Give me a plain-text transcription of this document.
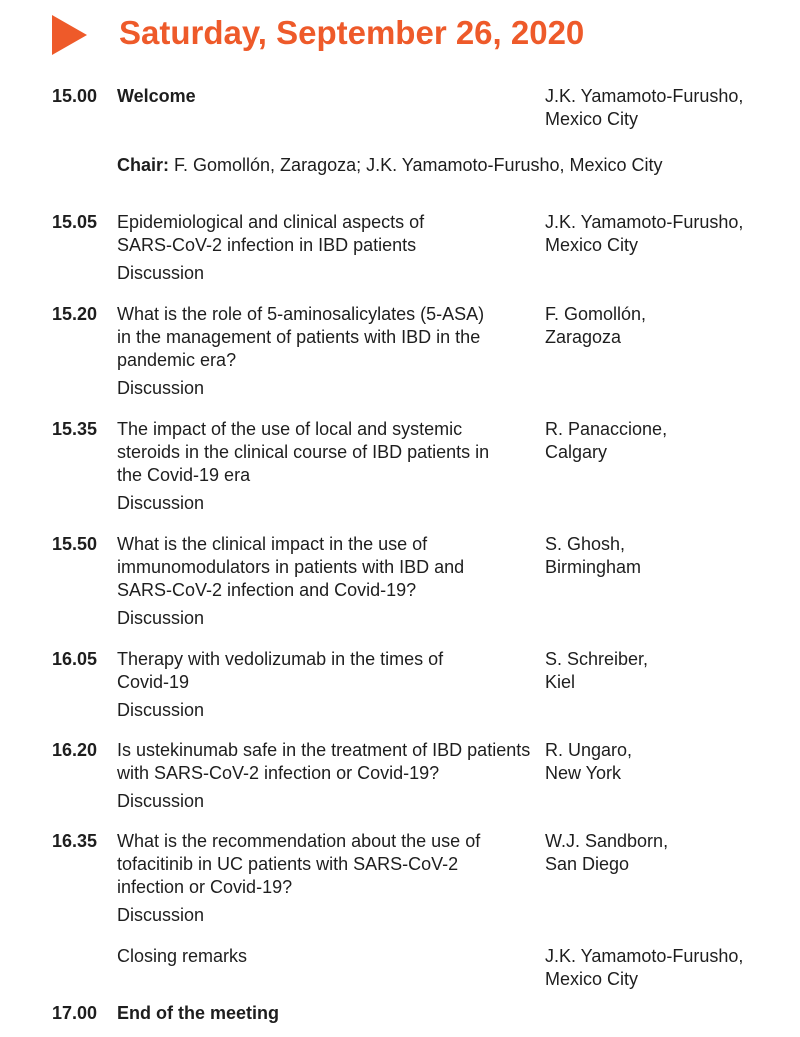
Saturday, September 26, 2020
15.00 Welcome	J.K. Yamamoto-Furusho,
Mexico City
Chair: F. Gomollón, Zaragoza; J.K. Yamamoto-Furusho, Mexico City
15.05 Epidemiological and clinical aspects of
SARS-CoV-2 infection in IBD patients
Discussion
J.K. Yamamoto-Furusho,
Mexico City
15.20 What is the role of 5-aminosalicylates (5-ASA)
in the management of patients with IBD in the
pandemic era?
Discussion
F. Gomollón,
Zaragoza
15.35 The impact of the use of local and systemic
steroids in the clinical course of IBD patients in
the Covid-19 era
Discussion
R. Panaccione,
Calgary
15.50 What is the clinical impact in the use of
immunomodulators in patients with IBD and
SARS-CoV-2 infection and Covid-19?
Discussion
S. Ghosh,
Birmingham
16.05 Therapy with vedolizumab in the times of
Covid-19
Discussion
S. Schreiber,
Kiel
16.20 Is ustekinumab safe in the treatment of IBD patients
with SARS-CoV-2 infection or Covid-19?
Discussion
R. Ungaro,
New York
16.35 What is the recommendation about the use of
tofacitinib in UC patients with SARS-CoV-2
infection or Covid-19?
Discussion
W.J. Sandborn,
San Diego
Closing remarks	J.K. Yamamoto-Furusho,
Mexico City
17.00 End of the meeting
